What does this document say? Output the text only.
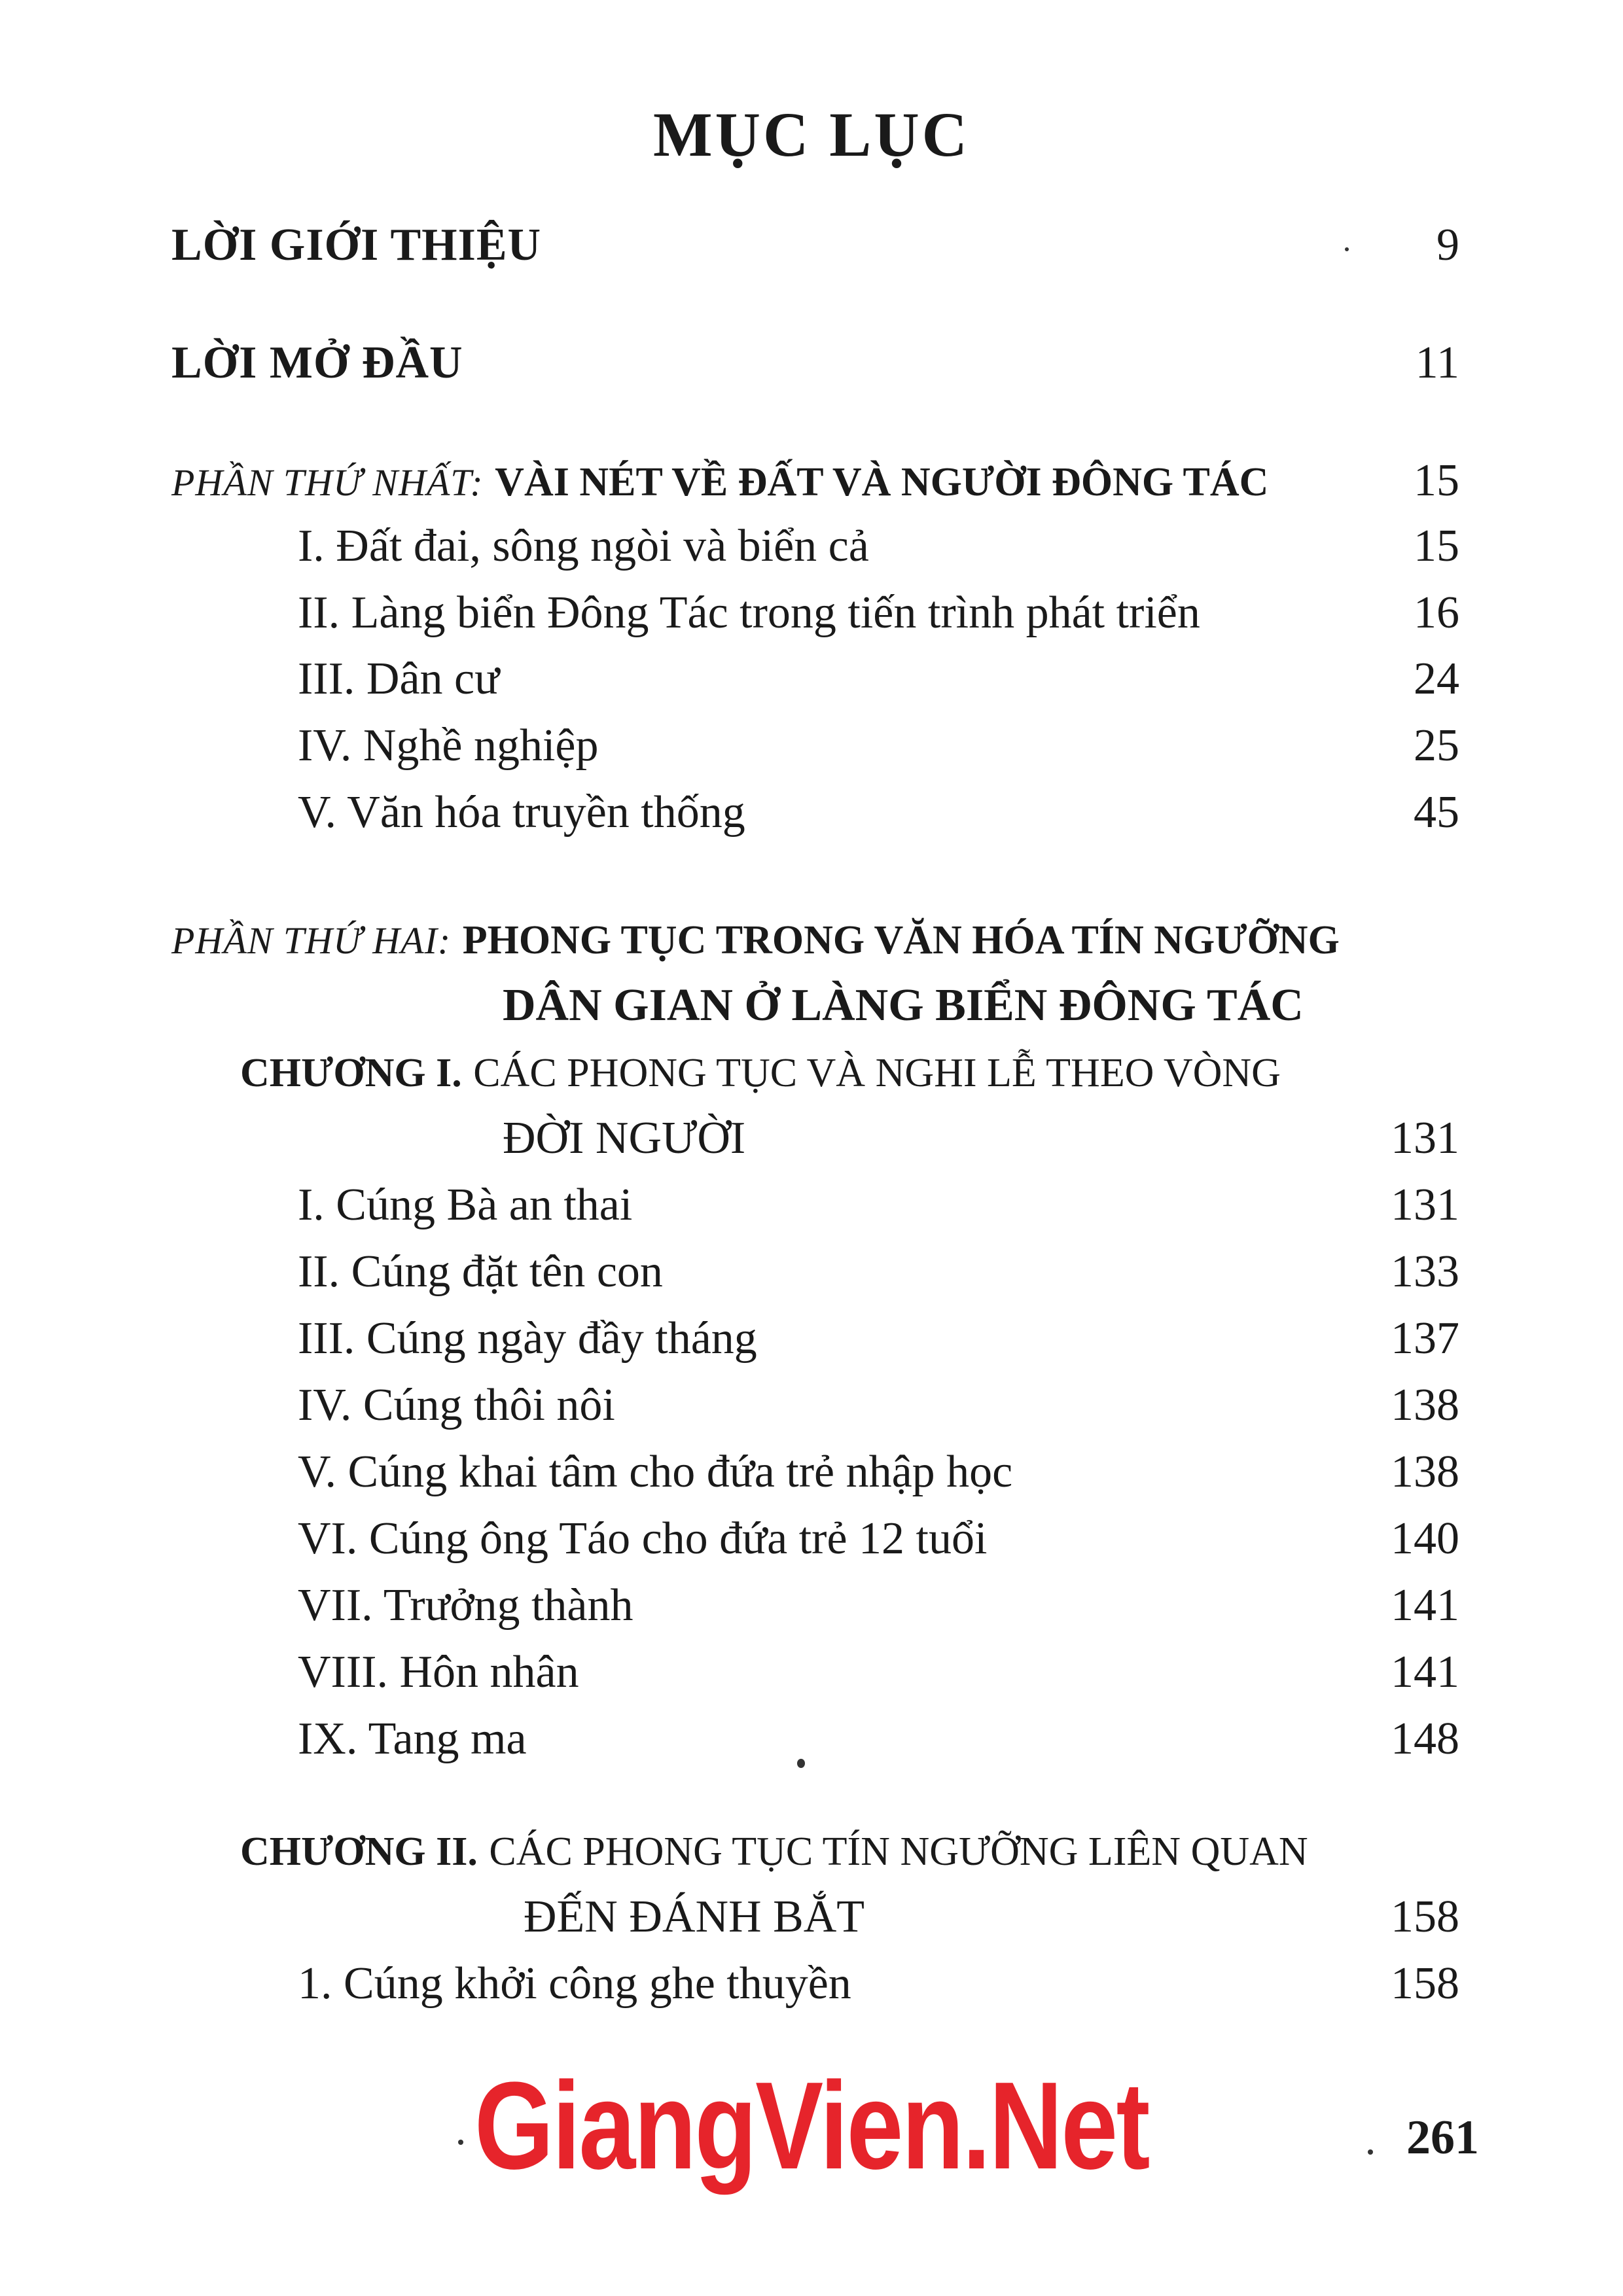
MỤC LỤC
LỜI GIỚI THIỆU	9
LỜI MỞ ĐẦU	11
PHẦN THỨ NHẤT: VÀI NÉT VỀ ĐẤT VÀ NGƯỜI ĐÔNG TÁC	15
I. Đất đai, sông ngòi và biển cả	15
II. Làng biển Đông Tác trong tiến trình phát triển	16
III. Dân cư	24
IV. Nghề nghiệp	25
V. Văn hóa truyền thống	45
PHẦN THỨ HAI: PHONG TỤC TRONG VĂN HÓA TÍN NGƯỠNG
DÂN GIAN Ở LÀNG BIỂN ĐÔNG TÁC
CHƯƠNG I. CÁC PHONG TỤC VÀ NGHI LỄ THEO VÒNG
ĐỜI NGƯỜI	131
I. Cúng Bà an thai	131
II. Cúng đặt tên con	133
III. Cúng ngày đầy tháng	137
IV. Cúng thôi nôi	138
V. Cúng khai tâm cho đứa trẻ nhập học	138
VI. Cúng ông Táo cho đứa trẻ 12 tuổi	140
VII. Trưởng thành	141
VIII. Hôn nhân	141
IX. Tang ma	148
CHƯƠNG II. CÁC PHONG TỤC TÍN NGƯỠNG LIÊN QUAN
ĐẾN ĐÁNH BẮT	158
1. Cúng khởi công ghe thuyền	158
GiangVien.Net	261
